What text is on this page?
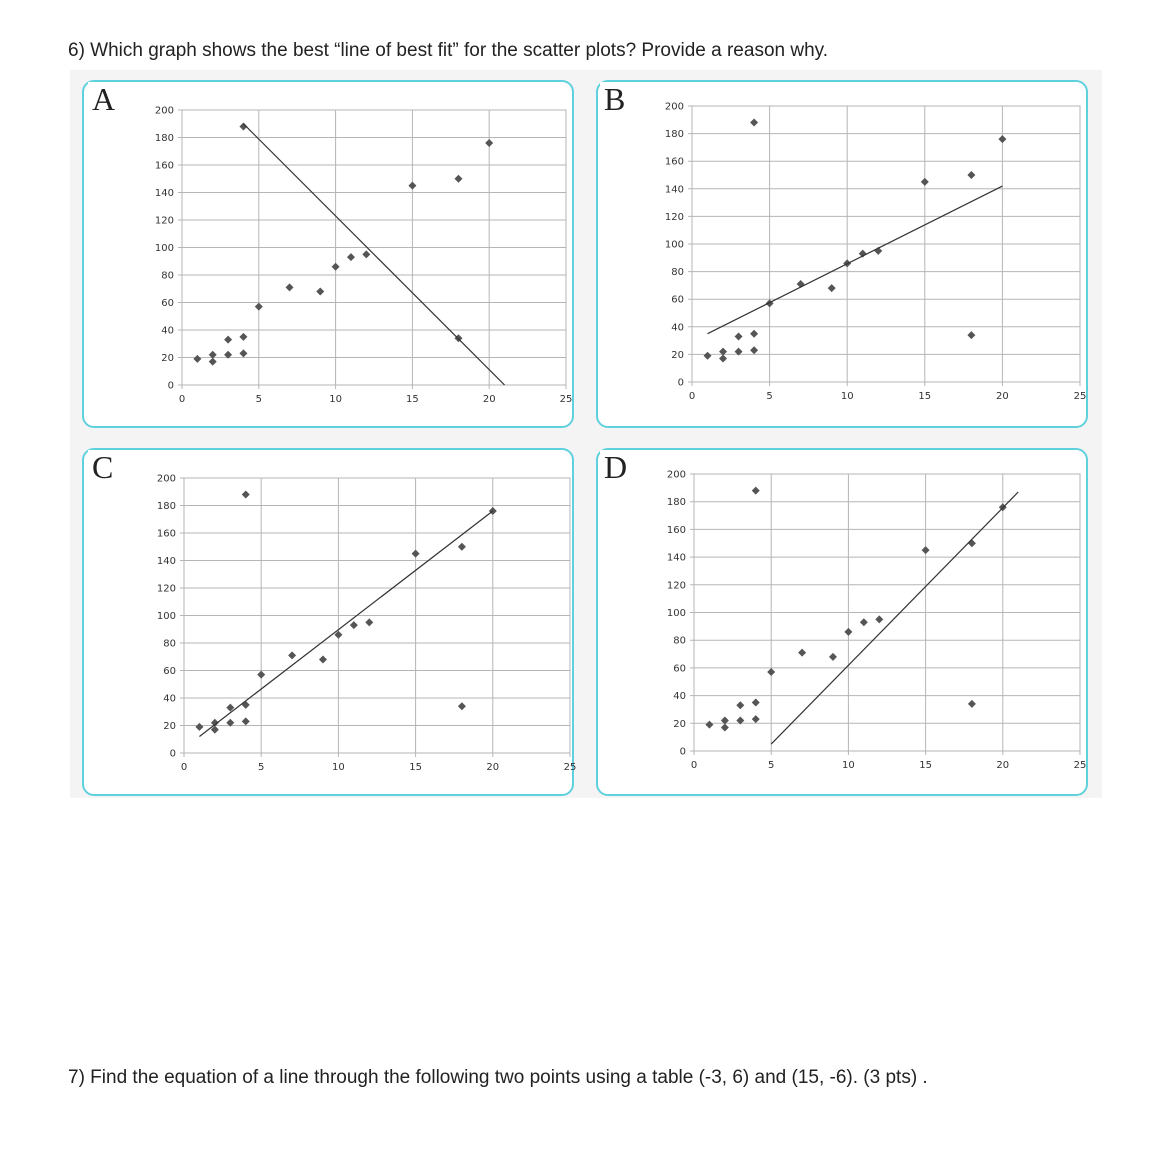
6) Which graph shows the best “line of best fit” for the scatter plots? Provide a reason why.
0
20
40
60
80
100
120
140
160
180
200
0	5	10	15	20	25
A
0
20
40
60
80
100
120
140
160
180
200
0	5	10	15	20	25
B
0
20
40
60
80
100
120
140
160
180
200
0	5	10	15	20	25
C
0
20
40
60
80
100
120
140
160
180
200
0	5	10	15	20	25
D
7) Find the equation of a line through the following two points using a table (-3, 6) and (15, -6). (3 pts) .
